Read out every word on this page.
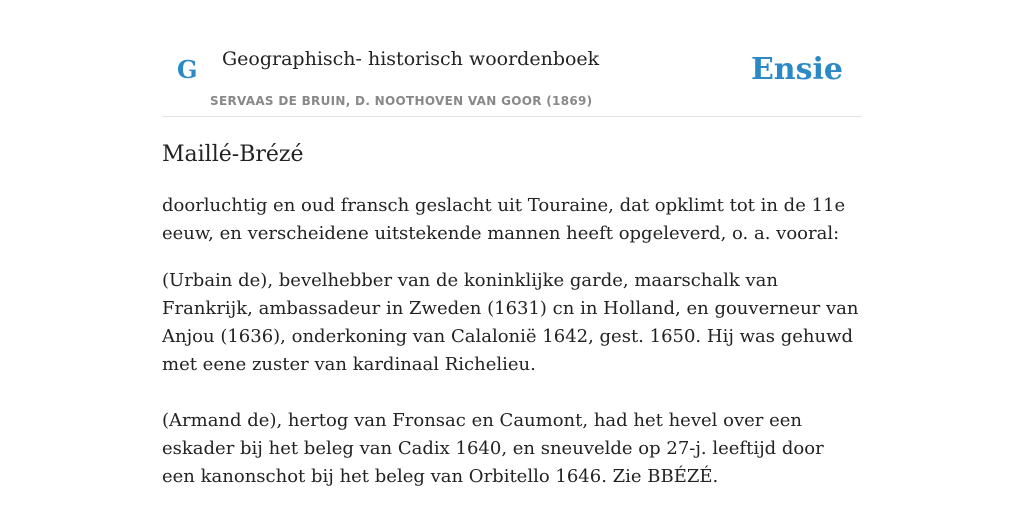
G Geographisch- historisch woordenboek
SERVAAS DE BRUIN, D. NOOTHOVEN VAN GOOR (1869)
Ensie
Maillé-Brézé

doorluchtig en oud fransch geslacht uit Touraine, dat opklimt tot in de 11e eeuw, en verscheidene uitstekende mannen heeft opgeleverd, o. a. vooral:

(Urbain de), bevelhebber van de koninklijke garde, maarschalk van Frankrijk, ambassadeur in Zweden (1631) cn in Holland, en gouverneur van Anjou (1636), onderkoning van Calalonië 1642, gest. 1650. Hij was gehuwd met eene zuster van kardinaal Richelieu.

(Armand de), hertog van Fronsac en Caumont, had het hevel over een eskader bij het beleg van Cadix 1640, en sneuvelde op 27-j. leeftijd door een kanonschot bij het beleg van Orbitello 1646. Zie BBÉZÉ.
